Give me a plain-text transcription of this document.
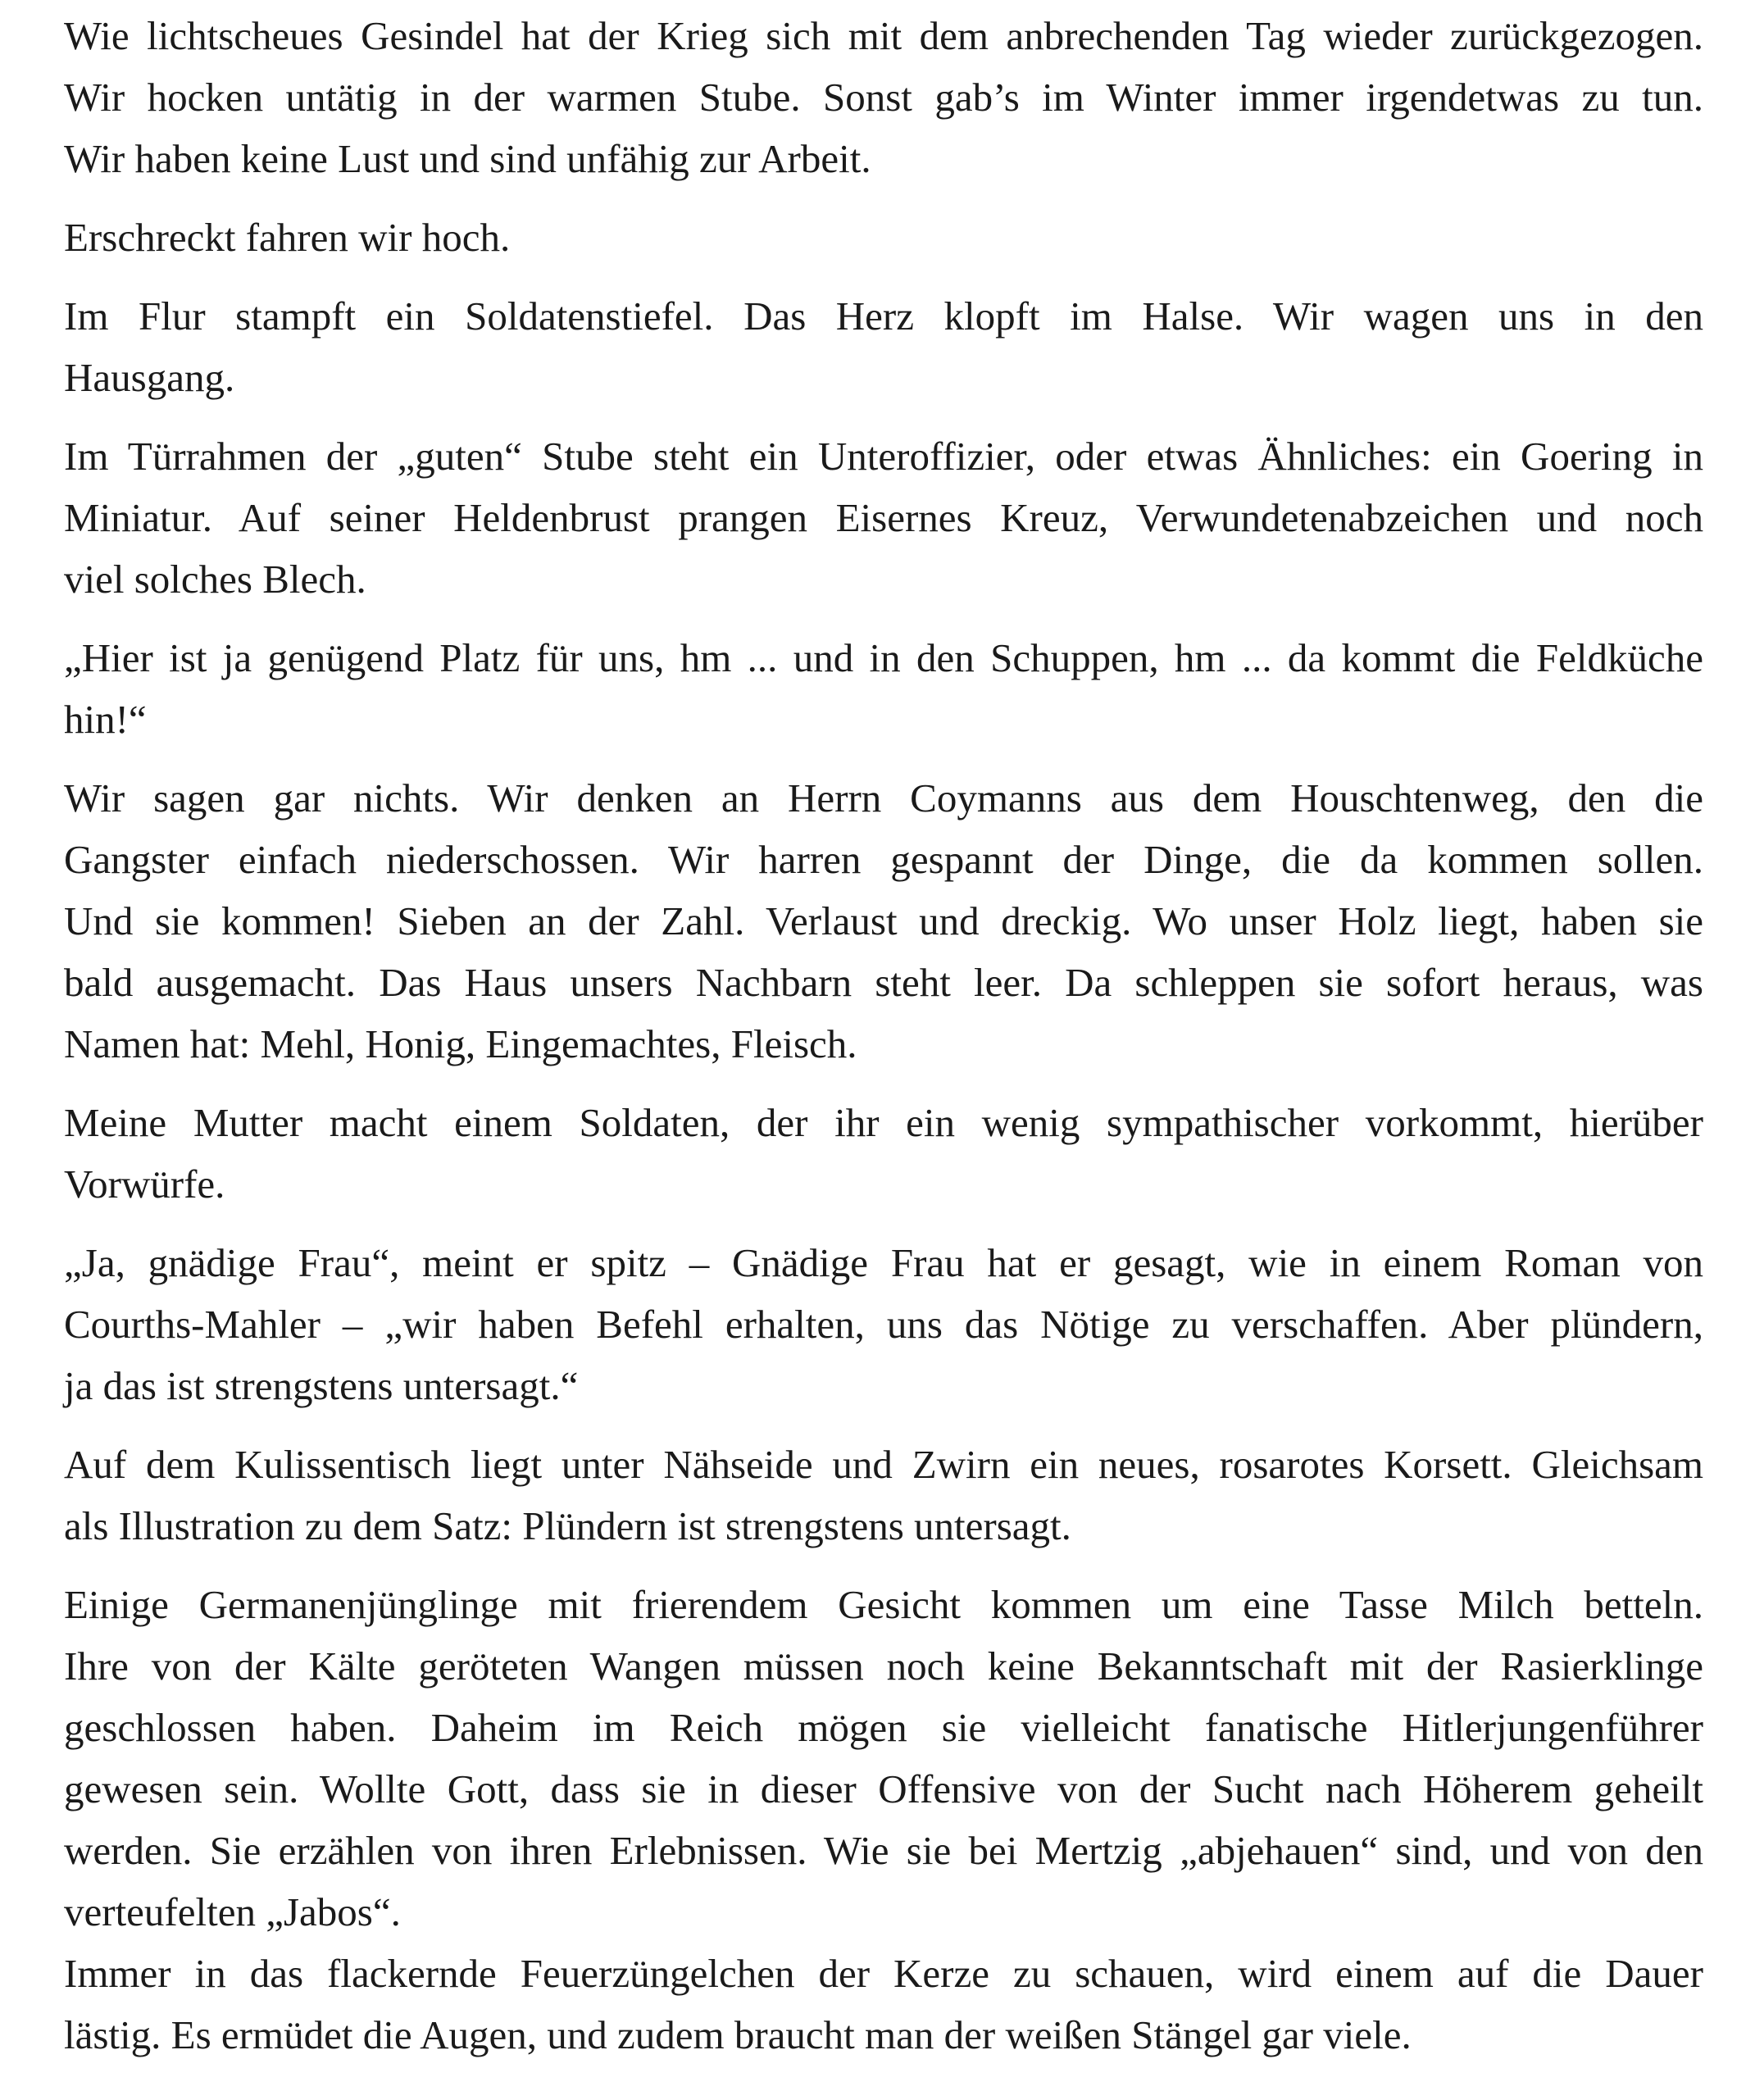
Wie lichtscheues Gesindel hat der Krieg sich mit dem anbrechenden Tag wieder zurückgezogen.
Wir hocken untätig in der warmen Stube. Sonst gab’s im Winter immer irgendetwas zu tun.
Wir haben keine Lust und sind unfähig zur Arbeit.
Erschreckt fahren wir hoch.
Im Flur stampft ein Soldatenstiefel. Das Herz klopft im Halse. Wir wagen uns in den
Hausgang.
Im Türrahmen der „guten“ Stube steht ein Unteroffizier, oder etwas Ähnliches: ein Goering in
Miniatur. Auf seiner Heldenbrust prangen Eisernes Kreuz, Verwundetenabzeichen und noch
viel solches Blech.
„Hier ist ja genügend Platz für uns, hm ... und in den Schuppen, hm ... da kommt die Feldküche
hin!“
Wir sagen gar nichts. Wir denken an Herrn Coymanns aus dem Houschtenweg, den die
Gangster einfach niederschossen. Wir harren gespannt der Dinge, die da kommen sollen.
Und sie kommen! Sieben an der Zahl. Verlaust und dreckig. Wo unser Holz liegt, haben sie
bald ausgemacht. Das Haus unsers Nachbarn steht leer. Da schleppen sie sofort heraus, was
Namen hat: Mehl, Honig, Eingemachtes, Fleisch.
Meine Mutter macht einem Soldaten, der ihr ein wenig sympathischer vorkommt, hierüber
Vorwürfe.
„Ja, gnädige Frau“, meint er spitz – Gnädige Frau hat er gesagt, wie in einem Roman von
Courths-Mahler – „wir haben Befehl erhalten, uns das Nötige zu verschaffen. Aber plündern,
ja das ist strengstens untersagt.“
Auf dem Kulissentisch liegt unter Nähseide und Zwirn ein neues, rosarotes Korsett. Gleichsam
als Illustration zu dem Satz: Plündern ist strengstens untersagt.
Einige Germanenjünglinge mit frierendem Gesicht kommen um eine Tasse Milch betteln.
Ihre von der Kälte geröteten Wangen müssen noch keine Bekanntschaft mit der Rasierklinge
geschlossen haben. Daheim im Reich mögen sie vielleicht fanatische Hitlerjungenführer
gewesen sein. Wollte Gott, dass sie in dieser Offensive von der Sucht nach Höherem geheilt
werden. Sie erzählen von ihren Erlebnissen. Wie sie bei Mertzig „abjehauen“ sind, und von den
verteufelten „Jabos“.
Immer in das flackernde Feuerzüngelchen der Kerze zu schauen, wird einem auf die Dauer
lästig. Es ermüdet die Augen, und zudem braucht man der weißen Stängel gar viele.
